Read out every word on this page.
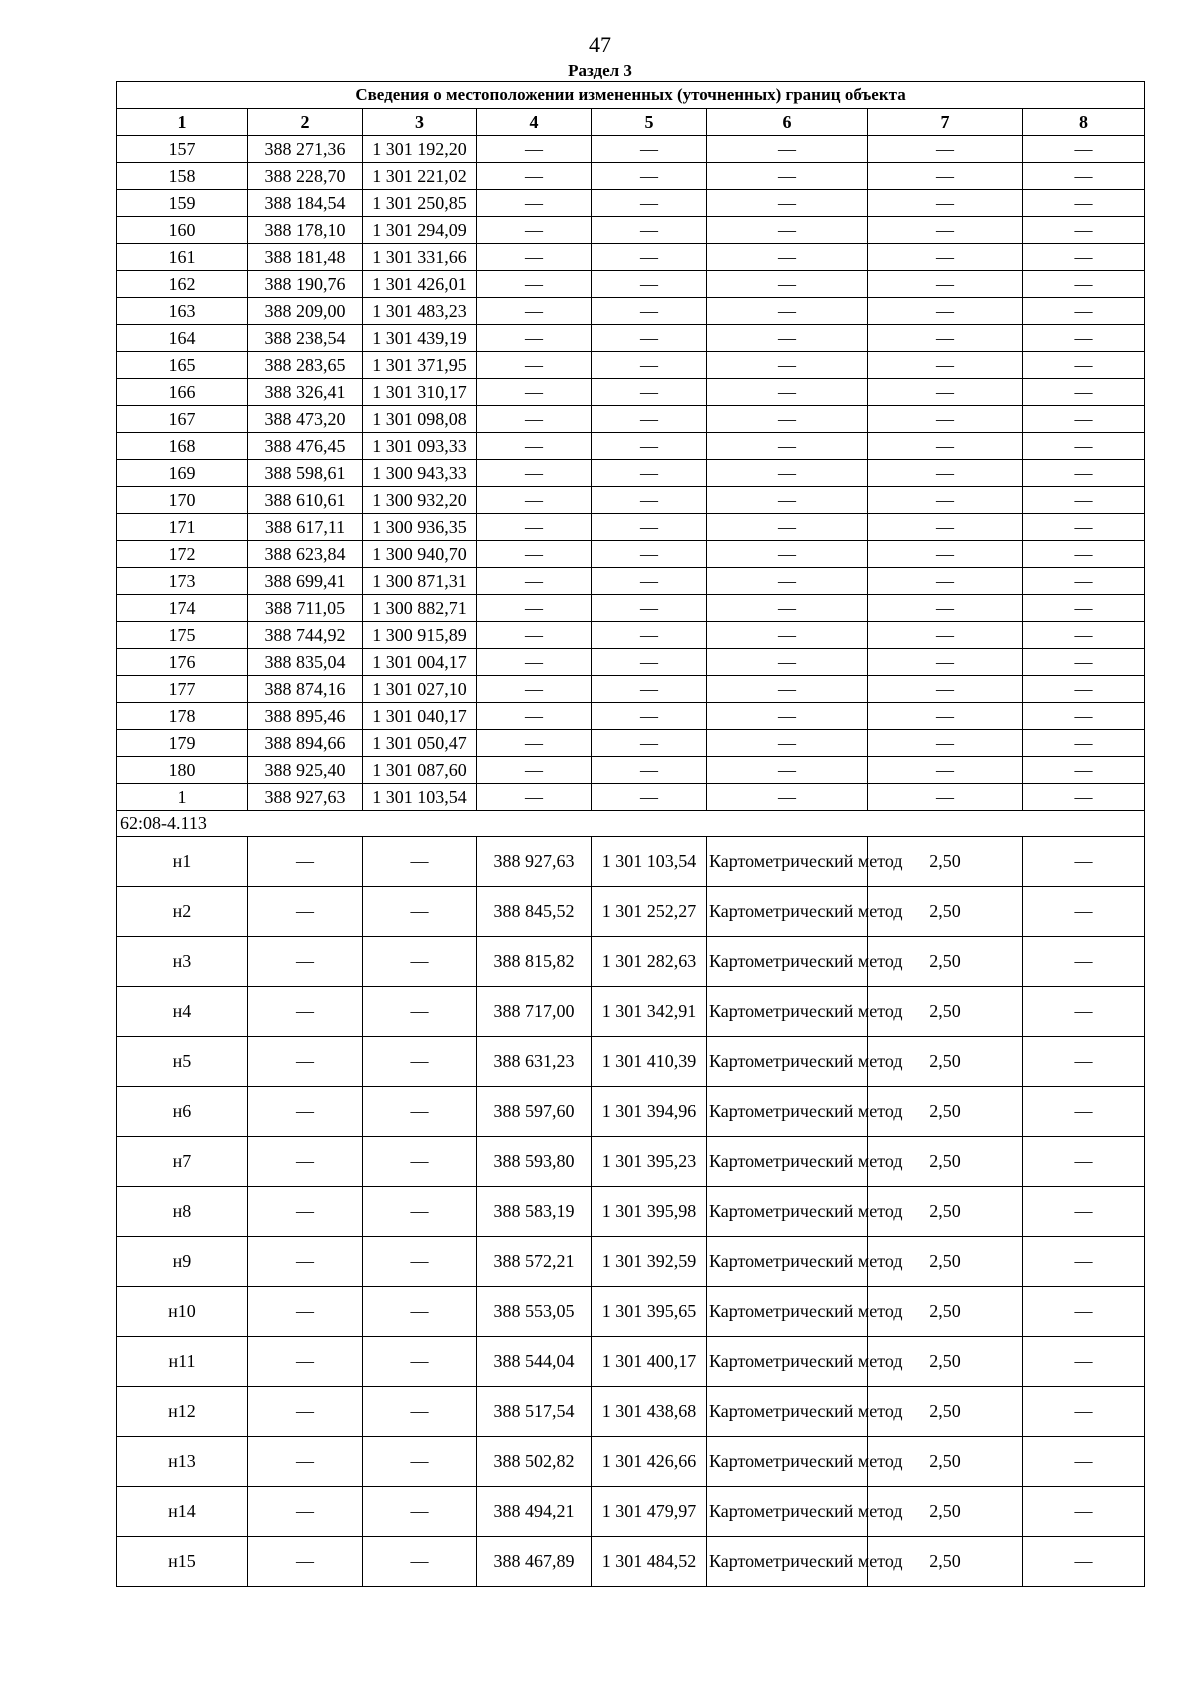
47
Раздел 3
Сведения о местоположении измененных (уточненных) границ объекта							
1	2	3	4	5	6	7	8
157	388 271,36	1 301 192,20	—	—	—	—	—
158	388 228,70	1 301 221,02	—	—	—	—	—
159	388 184,54	1 301 250,85	—	—	—	—	—
160	388 178,10	1 301 294,09	—	—	—	—	—
161	388 181,48	1 301 331,66	—	—	—	—	—
162	388 190,76	1 301 426,01	—	—	—	—	—
163	388 209,00	1 301 483,23	—	—	—	—	—
164	388 238,54	1 301 439,19	—	—	—	—	—
165	388 283,65	1 301 371,95	—	—	—	—	—
166	388 326,41	1 301 310,17	—	—	—	—	—
167	388 473,20	1 301 098,08	—	—	—	—	—
168	388 476,45	1 301 093,33	—	—	—	—	—
169	388 598,61	1 300 943,33	—	—	—	—	—
170	388 610,61	1 300 932,20	—	—	—	—	—
171	388 617,11	1 300 936,35	—	—	—	—	—
172	388 623,84	1 300 940,70	—	—	—	—	—
173	388 699,41	1 300 871,31	—	—	—	—	—
174	388 711,05	1 300 882,71	—	—	—	—	—
175	388 744,92	1 300 915,89	—	—	—	—	—
176	388 835,04	1 301 004,17	—	—	—	—	—
177	388 874,16	1 301 027,10	—	—	—	—	—
178	388 895,46	1 301 040,17	—	—	—	—	—
179	388 894,66	1 301 050,47	—	—	—	—	—
180	388 925,40	1 301 087,60	—	—	—	—	—
1	388 927,63	1 301 103,54	—	—	—	—	—
62:08-4.113							
н1	—	—	388 927,63	1 301 103,54	Картометрический метод	2,50	—
н2	—	—	388 845,52	1 301 252,27	Картометрический метод	2,50	—
н3	—	—	388 815,82	1 301 282,63	Картометрический метод	2,50	—
н4	—	—	388 717,00	1 301 342,91	Картометрический метод	2,50	—
н5	—	—	388 631,23	1 301 410,39	Картометрический метод	2,50	—
н6	—	—	388 597,60	1 301 394,96	Картометрический метод	2,50	—
н7	—	—	388 593,80	1 301 395,23	Картометрический метод	2,50	—
н8	—	—	388 583,19	1 301 395,98	Картометрический метод	2,50	—
н9	—	—	388 572,21	1 301 392,59	Картометрический метод	2,50	—
н10	—	—	388 553,05	1 301 395,65	Картометрический метод	2,50	—
н11	—	—	388 544,04	1 301 400,17	Картометрический метод	2,50	—
н12	—	—	388 517,54	1 301 438,68	Картометрический метод	2,50	—
н13	—	—	388 502,82	1 301 426,66	Картометрический метод	2,50	—
н14	—	—	388 494,21	1 301 479,97	Картометрический метод	2,50	—
н15	—	—	388 467,89	1 301 484,52	Картометрический метод	2,50	—
